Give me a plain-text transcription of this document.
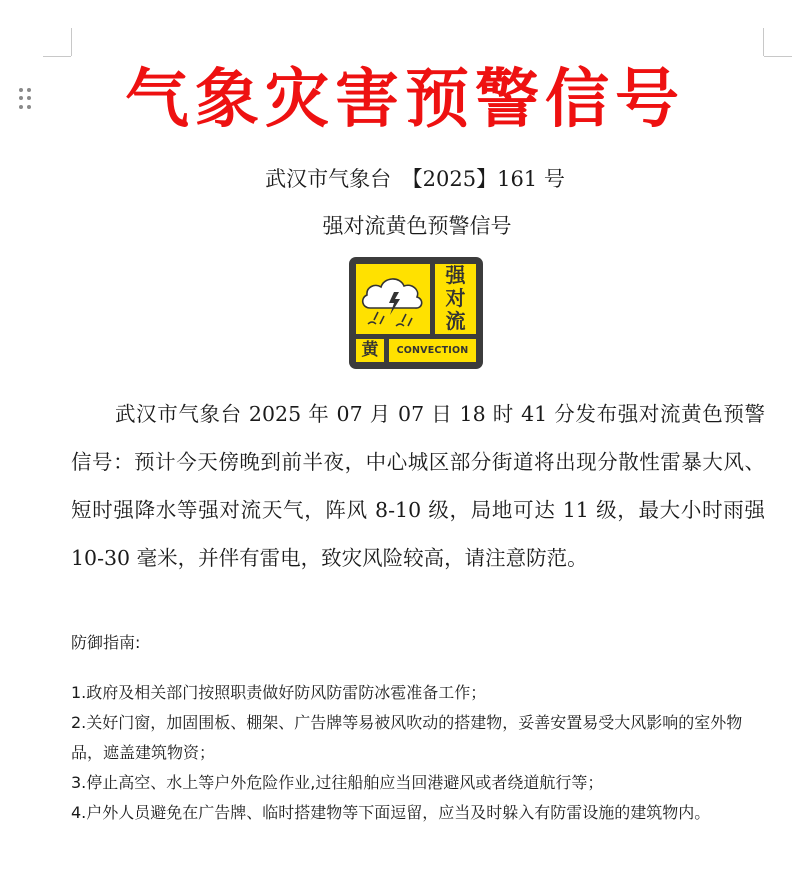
气象灾害预警信号
武汉市气象台　【2025】161 号
强对流黄色预警信号
强
对
流
黄	CONVECTION

武汉市气象台 2025 年 07 月 07 日 18 时 41 分发布强对流黄色预警信号：预计今天傍晚到前半夜，中心城区部分街道将出现分散性雷暴大风、短时强降水等强对流天气，阵风 8-10 级，局地可达 11 级，最大小时雨强 10-30 毫米，并伴有雷电，致灾风险较高，请注意防范。

防御指南:

1.政府及相关部门按照职责做好防风防雷防冰雹准备工作；
2.关好门窗，加固围板、棚架、广告牌等易被风吹动的搭建物，妥善安置易受大风影响的室外物品，遮盖建筑物资；
3.停止高空、水上等户外危险作业,过往船舶应当回港避风或者绕道航行等；
4.户外人员避免在广告牌、临时搭建物等下面逗留，应当及时躲入有防雷设施的建筑物内。
